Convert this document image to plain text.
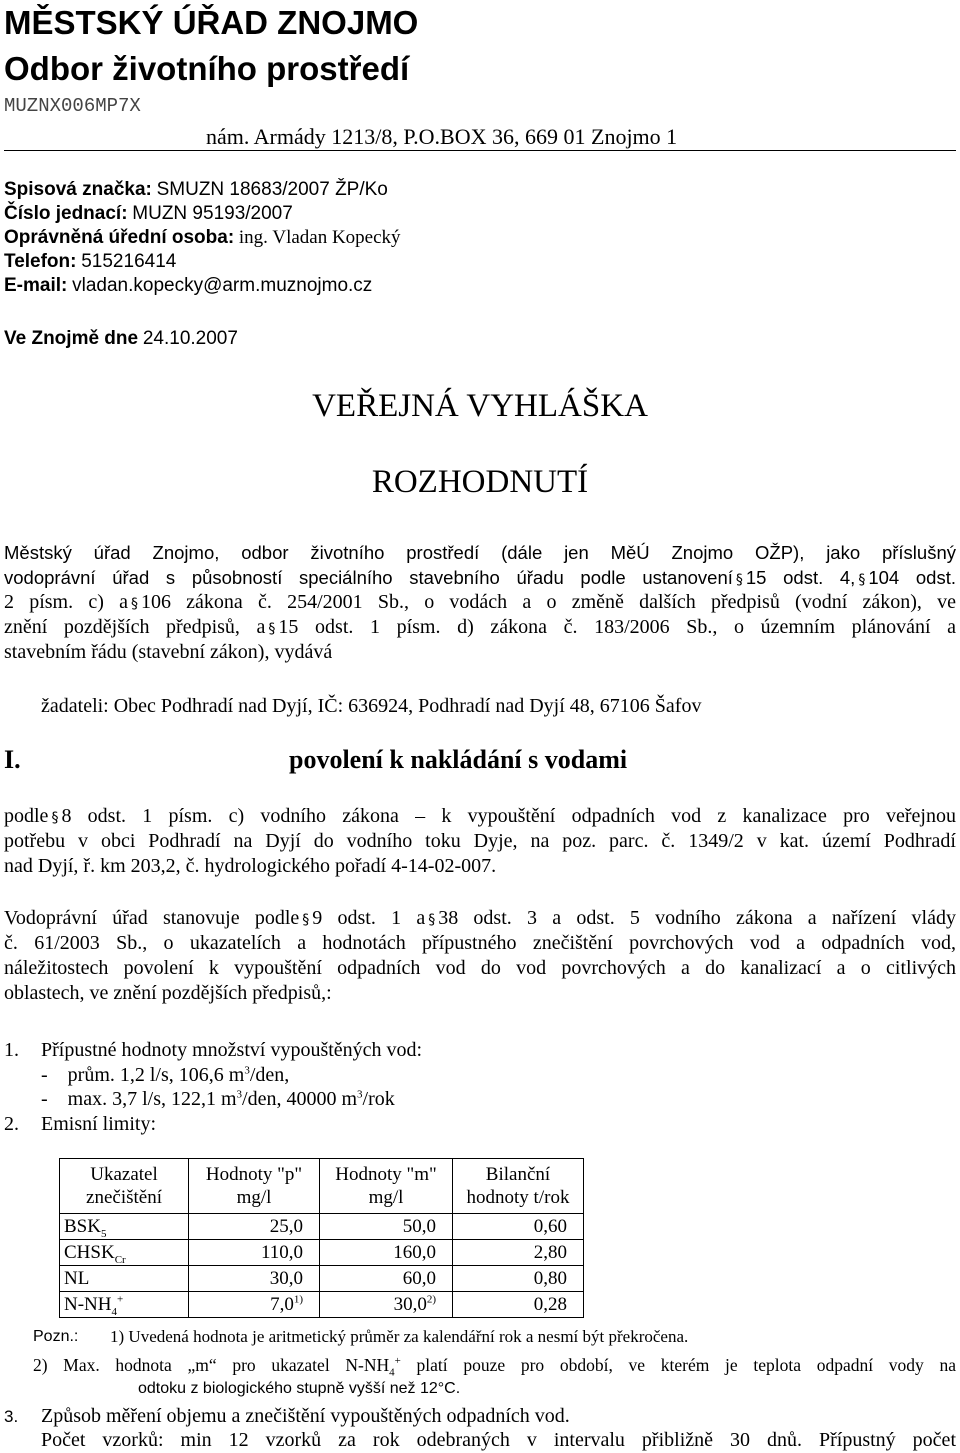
MĚSTSKÝ ÚŘAD ZNOJMO
Odbor životního prostředí
MUZNX006MP7X
nám. Armády 1213/8, P.O.BOX 36, 669 01 Znojmo 1
Spisová značka: SMUZN 18683/2007 ŽP/Ko
Číslo jednací: MUZN 95193/2007
Oprávněná úřední osoba: ing. Vladan Kopecký
Telefon: 515216414
E-mail: vladan.kopecky@arm.muznojmo.cz
Ve Znojmě dne 24.10.2007
VEŘEJNÁ VYHLÁŠKA
ROZHODNUTÍ
Městský úřad Znojmo, odbor životního prostředí (dále jen MěÚ Znojmo OŽP), jako příslušný
vodoprávní úřad s působností speciálního stavebního úřadu podle ustanovení § 15 odst. 4, § 104 odst.
2 písm. c) a § 106 zákona č. 254/2001 Sb., o vodách a o změně dalších předpisů (vodní zákon), ve
znění pozdějších předpisů, a § 15 odst. 1 písm. d) zákona č. 183/2006 Sb., o územním plánování a
stavebním řádu (stavební zákon), vydává
žadateli: Obec Podhradí nad Dyjí, IČ: 636924, Podhradí nad Dyjí 48, 67106 Šafov
I.	povolení k nakládání s vodami
podle § 8 odst. 1 písm. c) vodního zákona – k vypouštění odpadních vod z kanalizace pro veřejnou
potřebu v obci Podhradí na Dyjí do vodního toku Dyje, na poz. parc. č. 1349/2 v kat. území Podhradí
nad Dyjí, ř. km 203,2, č. hydrologického pořadí 4-14-02-007.
Vodoprávní úřad stanovuje podle § 9 odst. 1 a § 38 odst. 3 a odst. 5 vodního zákona a nařízení vlády
č. 61/2003 Sb., o ukazatelích a hodnotách přípustného znečištění povrchových vod a odpadních vod,
náležitostech povolení k vypouštění odpadních vod do vod povrchových a do kanalizací a o citlivých
oblastech, ve znění pozdějších předpisů,:
1. Přípustné hodnoty množství vypouštěných vod:
-    prům. 1,2 l/s, 106,6 $m^3$/den,
-    max. 3,7 l/s, 122,1 $m^3$/den, 40000 $m^3$/rok
2. Emisní limity:
Ukazatel znečištění	Hodnoty "p" mg/l	Hodnoty "m" mg/l	Bilanční hodnoty t/rok
$BSK_5$	25,0	50,0	0,60
$CHSK_{Cr}$	110,0	160,0	2,80
NL	30,0	60,0	0,80
$N-NH_4^+$	7,0$^{1)}$	30,0$^{2)}$	0,28
Pozn.: 1) Uvedená hodnota je aritmetický průměr za kalendářní rok a nesmí být překročena.
2) Max. hodnota „m“ pro ukazatel $N-NH_4^+$ platí pouze pro období, ve kterém je teplota odpadní vody na
odtoku z biologického stupně vyšší než 12°C.
3. Způsob měření objemu a znečištění vypouštěných odpadních vod.
Počet vzorků: min 12 vzorků za rok odebraných v intervalu přibližně 30 dnů. Přípustný počet
